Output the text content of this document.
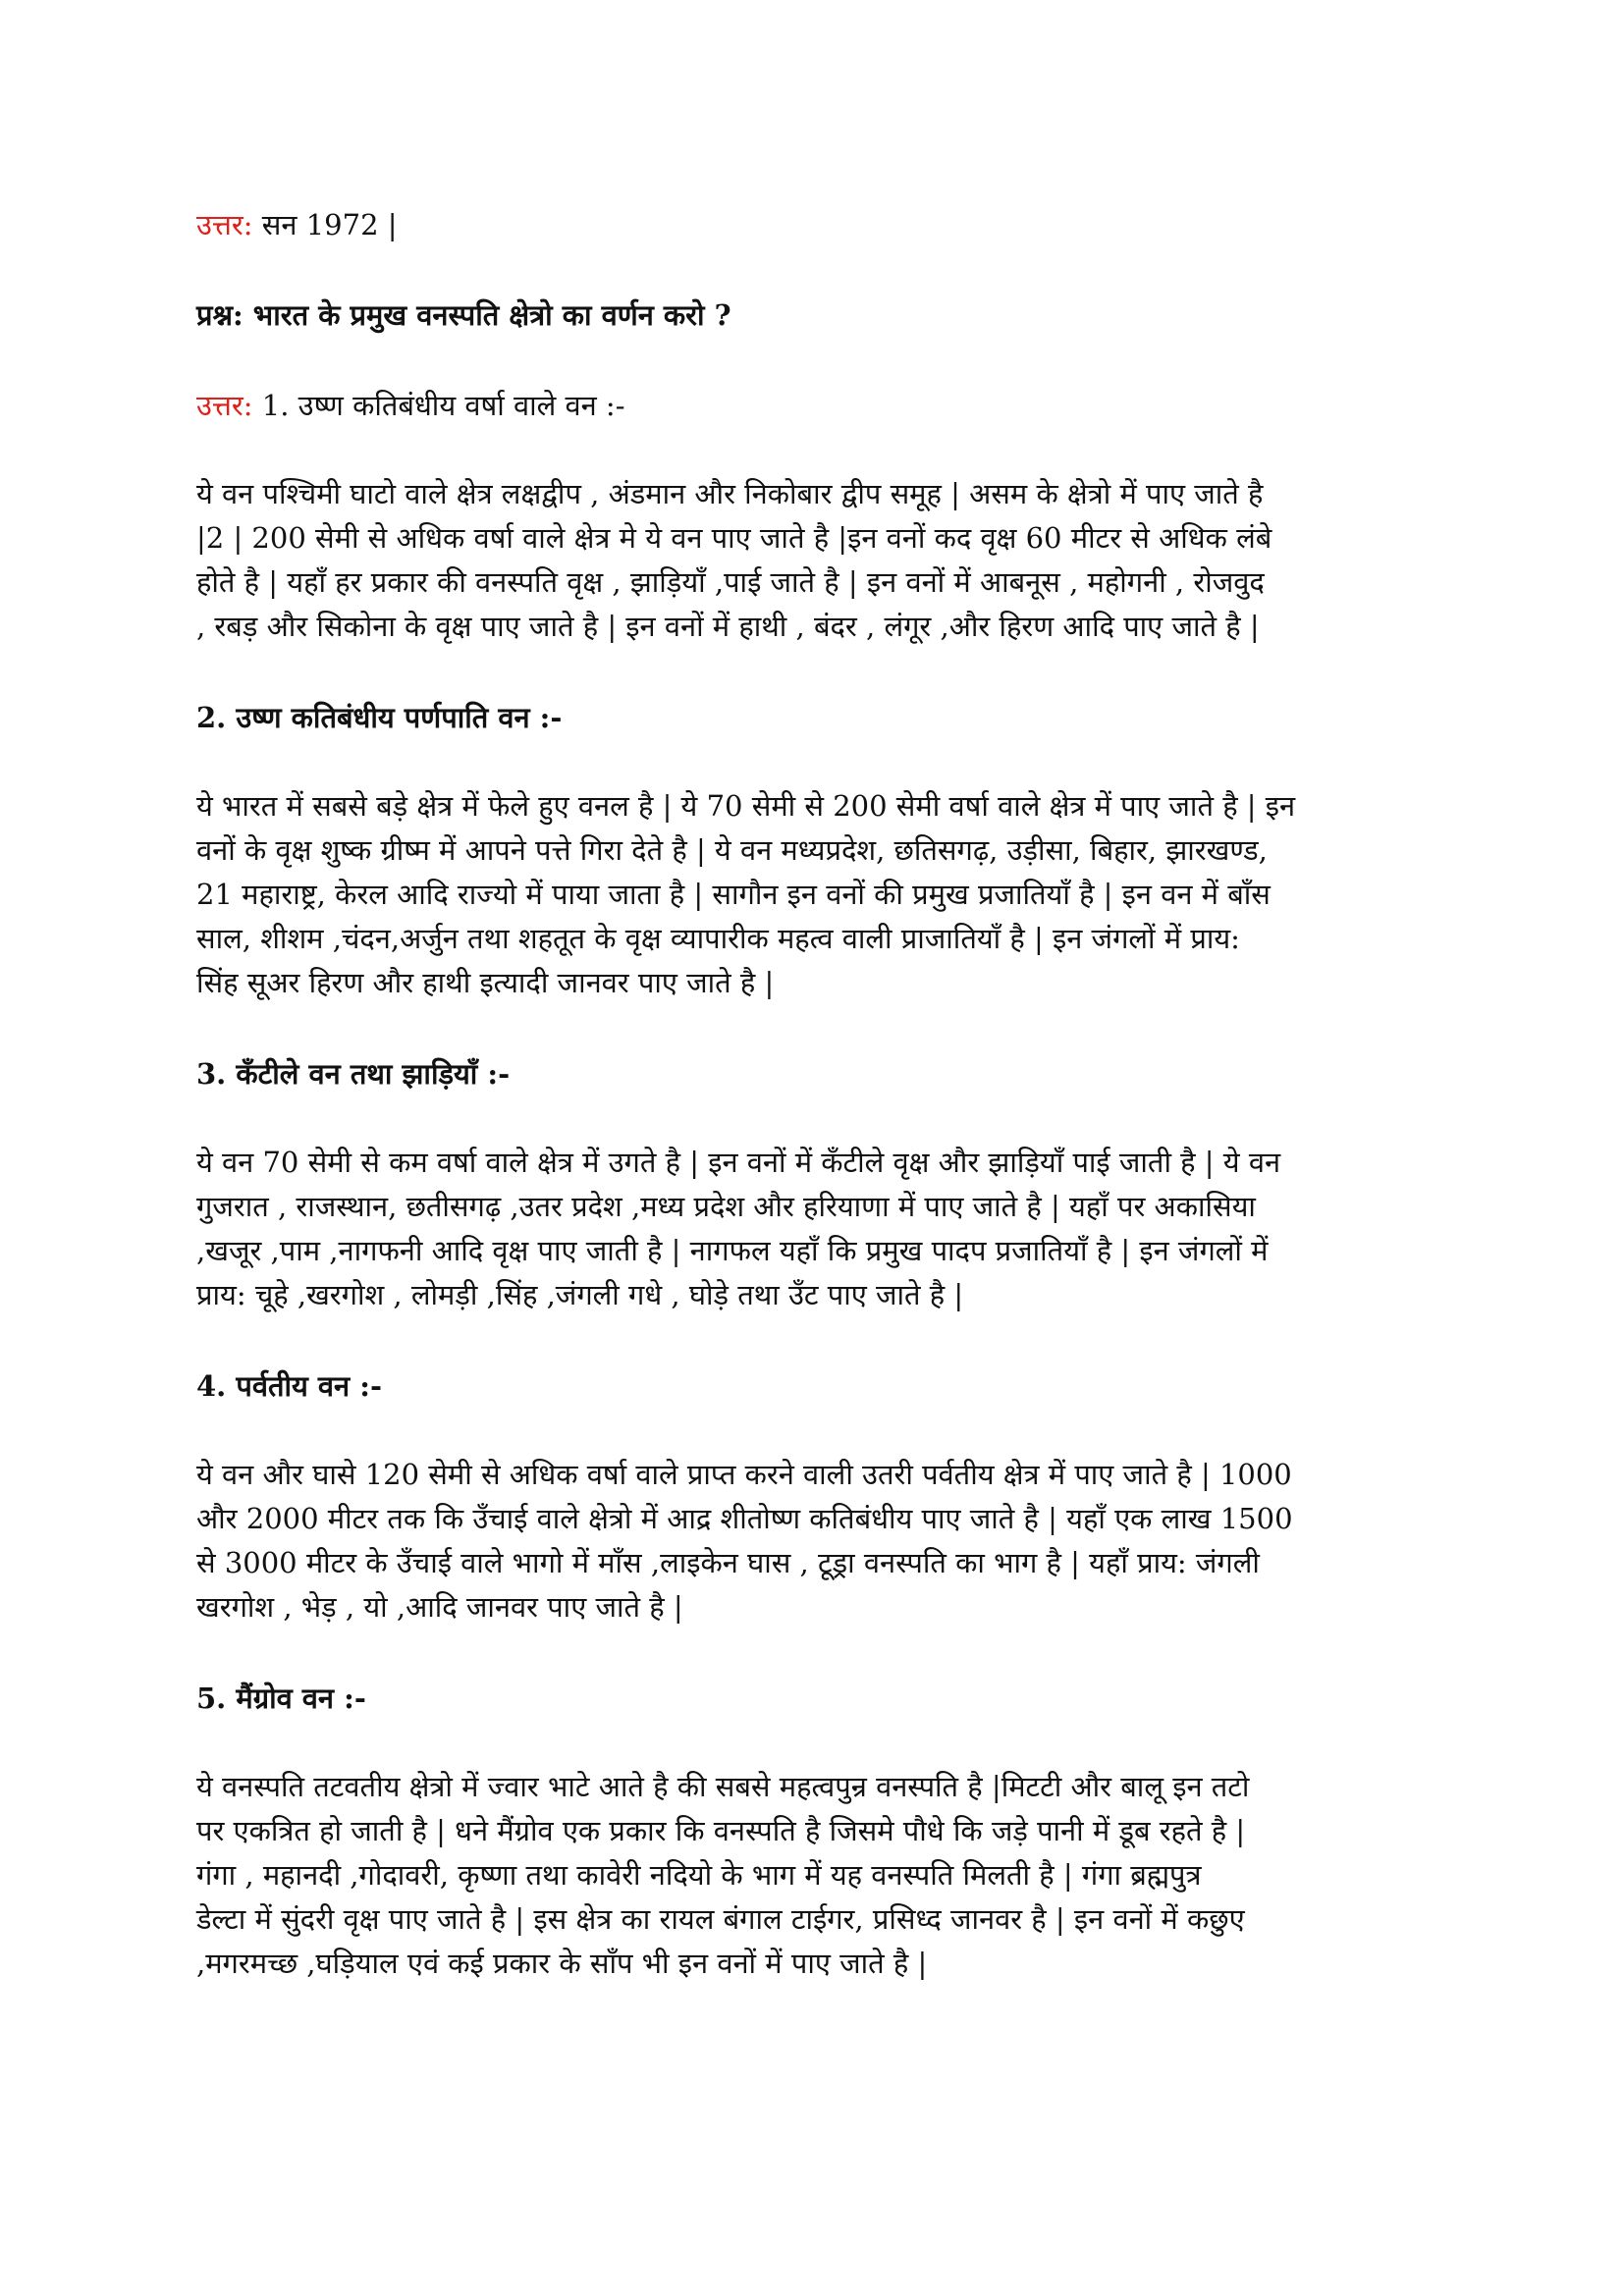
उत्तर: सन 1972 |

प्रश्न: भारत के प्रमुख वनस्पति क्षेत्रो का वर्णन करो ?

उत्तर: 1. उष्ण कतिबंधीय वर्षा वाले वन :-

ये वन पश्चिमी घाटो वाले क्षेत्र लक्षद्वीप , अंडमान और निकोबार द्वीप समूह | असम के क्षेत्रो में पाए जाते है
|2 | 200 सेमी से अधिक वर्षा वाले क्षेत्र मे ये वन पाए जाते है |इन वनों कद वृक्ष 60 मीटर से अधिक लंबे
होते है | यहाँ हर प्रकार की वनस्पति वृक्ष , झाड़ियाँ ,पाई जाते है | इन वनों में आबनूस , महोगनी , रोजवुद
, रबड़ और सिकोना के वृक्ष पाए जाते है | इन वनों में हाथी , बंदर , लंगूर ,और हिरण आदि पाए जाते है |

2. उष्ण कतिबंधीय पर्णपाति वन :-

ये भारत में सबसे बड़े क्षेत्र में फेले हुए वनल है | ये 70 सेमी से 200 सेमी वर्षा वाले क्षेत्र में पाए जाते है | इन
वनों के वृक्ष शुष्क ग्रीष्म में आपने पत्ते गिरा देते है | ये वन मध्यप्रदेश, छतिसगढ़, उड़ीसा, बिहार, झारखण्ड,
21 महाराष्ट्र, केरल आदि राज्यो में पाया जाता है | सागौन इन वनों की प्रमुख प्रजातियाँ है | इन वन में बाँस
साल, शीशम ,चंदन,अर्जुन तथा शहतूत के वृक्ष व्यापारीक महत्व वाली प्राजातियाँ है | इन जंगलों में प्राय:
सिंह सूअर हिरण और हाथी इत्यादी जानवर पाए जाते है |

3. कँटीले वन तथा झाड़ियाँ :-

ये वन 70 सेमी से कम वर्षा वाले क्षेत्र में उगते है | इन वनों में कँटीले वृक्ष और झाड़ियाँ पाई जाती है | ये वन
गुजरात , राजस्थान, छतीसगढ़ ,उतर प्रदेश ,मध्य प्रदेश और हरियाणा में पाए जाते है | यहाँ पर अकासिया
,खजूर ,पाम ,नागफनी आदि वृक्ष पाए जाती है | नागफल यहाँ कि प्रमुख पादप प्रजातियाँ है | इन जंगलों में
प्राय: चूहे ,खरगोश , लोमड़ी ,सिंह ,जंगली गधे , घोड़े तथा उँट पाए जाते है |

4. पर्वतीय वन :-

ये वन और घासे 120 सेमी से अधिक वर्षा वाले प्राप्त करने वाली उतरी पर्वतीय क्षेत्र में पाए जाते है | 1000
और 2000 मीटर तक कि उँचाई वाले क्षेत्रो में आद्र शीतोष्ण कतिबंधीय पाए जाते है | यहाँ एक लाख 1500
से 3000 मीटर के उँचाई वाले भागो में माँस ,लाइकेन घास , टूड्रा वनस्पति का भाग है | यहाँ प्राय: जंगली
खरगोश , भेड़ , यो ,आदि जानवर पाए जाते है |

5. मैंग्रोव वन :-

ये वनस्पति तटवतीय क्षेत्रो में ज्वार भाटे आते है की सबसे महत्वपुन्र वनस्पति है |मिटटी और बालू इन तटो
पर एकत्रित हो जाती है | धने मैंग्रोव एक प्रकार कि वनस्पति है जिसमे पौधे कि जड़े पानी में डूब रहते है |
गंगा , महानदी ,गोदावरी, कृष्णा तथा कावेरी नदियो के भाग में यह वनस्पति मिलती है | गंगा ब्रह्मपुत्र
डेल्टा में सुंदरी वृक्ष पाए जाते है | इस क्षेत्र का रायल बंगाल टाईगर, प्रसिध्द जानवर है | इन वनों में कछुए
,मगरमच्छ ,घड़ियाल एवं कई प्रकार के साँप भी इन वनों में पाए जाते है |
